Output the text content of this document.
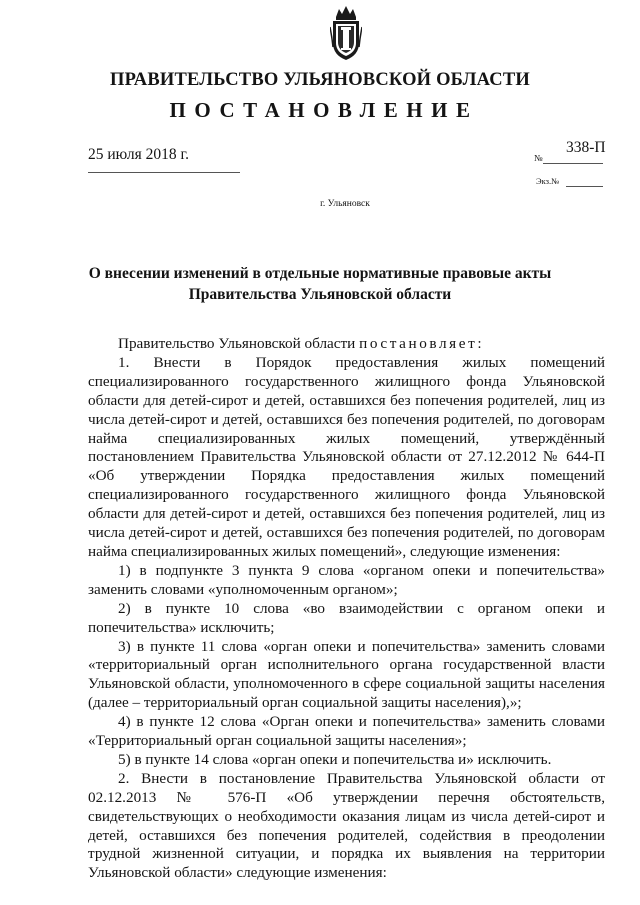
ПРАВИТЕЛЬСТВО УЛЬЯНОВСКОЙ ОБЛАСТИ
ПОСТАНОВЛЕНИЕ
25 июля 2018 г.	338-П
№
Экз.№
г. Ульяновск
О внесении изменений в отдельные нормативные правовые акты
Правительства Ульяновской области

Правительство Ульяновской области постановляет:

1. Внести в Порядок предоставления жилых помещений специализированного государственного жилищного фонда Ульяновской области для детей-сирот и детей, оставшихся без попечения родителей, лиц из числа детей-сирот и детей, оставшихся без попечения родителей, по договорам найма специализированных жилых помещений, утверждённый постановлением Правительства Ульяновской области от 27.12.2012 № 644-П «Об утверждении Порядка предоставления жилых помещений специализированного государственного жилищного фонда Ульяновской области для детей-сирот и детей, оставшихся без попечения родителей, лиц из числа детей-сирот и детей, оставшихся без попечения родителей, по договорам найма специализированных жилых помещений», следующие изменения:

1) в подпункте 3 пункта 9 слова «органом опеки и попечительства» заменить словами «уполномоченным органом»;

2) в пункте 10 слова «во взаимодействии с органом опеки и попечительства» исключить;

3) в пункте 11 слова «орган опеки и попечительства» заменить словами «территориальный орган исполнительного органа государственной власти Ульяновской области, уполномоченного в сфере социальной защиты населения (далее – территориальный орган социальной защиты населения),»;

4) в пункте 12 слова «Орган опеки и попечительства» заменить словами «Территориальный орган социальной защиты населения»;

5) в пункте 14 слова «орган опеки и попечительства и» исключить.

2. Внести в постановление Правительства Ульяновской области от 02.12.2013 № 576-П «Об утверждении перечня обстоятельств, свидетельствующих о необходимости оказания лицам из числа детей-сирот и детей, оставшихся без попечения родителей, содействия в преодолении трудной жизненной ситуации, и порядка их выявления на территории Ульяновской области» следующие изменения:
